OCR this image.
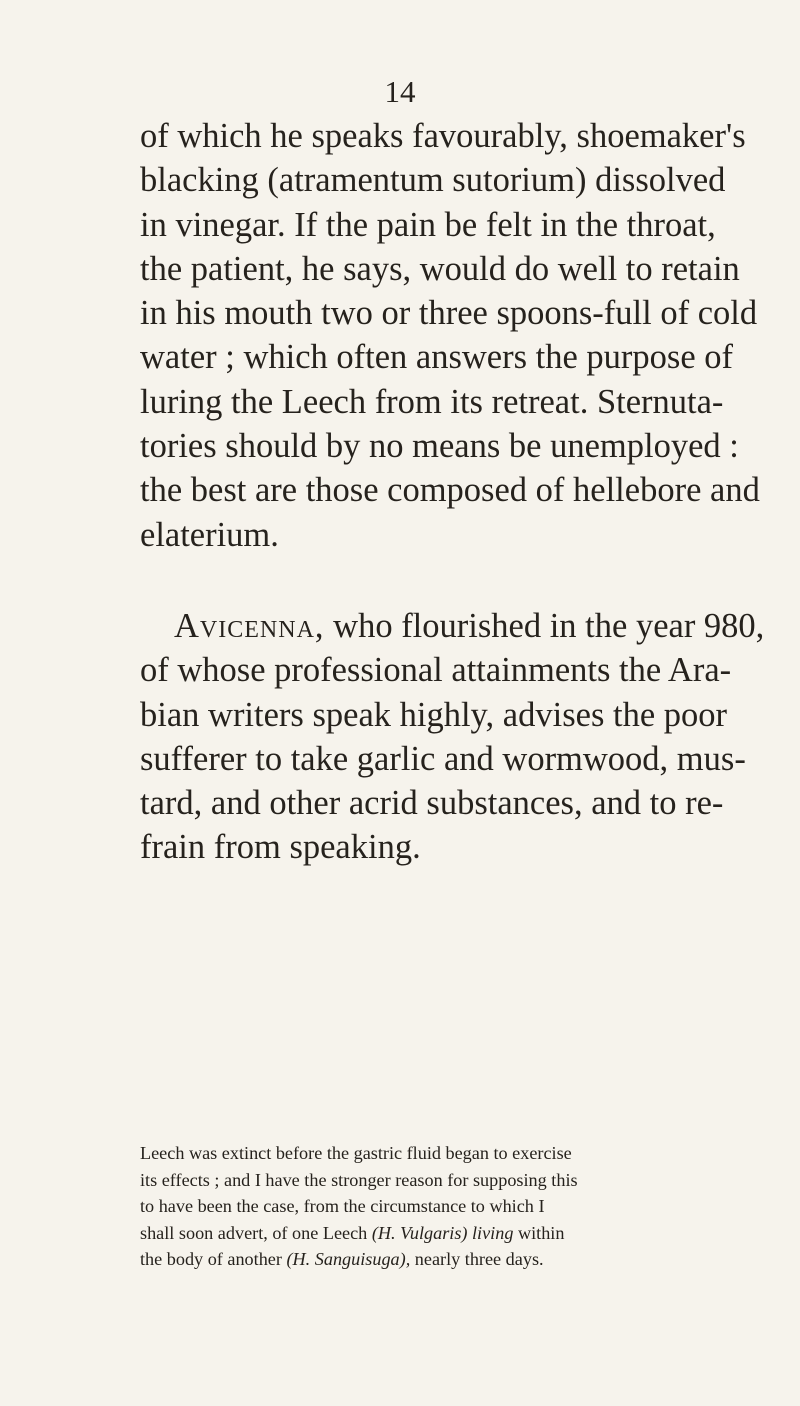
14
of which he speaks favourably, shoemaker's
blacking (atramentum sutorium) dissolved
in vinegar. If the pain be felt in the throat,
the patient, he says, would do well to retain
in his mouth two or three spoons-full of cold
water ; which often answers the purpose of
luring the Leech from its retreat. Sternuta-
tories should by no means be unemployed :
the best are those composed of hellebore and
elaterium.
Avicenna, who flourished in the year 980,
of whose professional attainments the Ara-
bian writers speak highly, advises the poor
sufferer to take garlic and wormwood, mus-
tard, and other acrid substances, and to re-
frain from speaking.
Leech was extinct before the gastric fluid began to exercise
its effects ; and I have the stronger reason for supposing this
to have been the case, from the circumstance to which I
shall soon advert, of one Leech (H. Vulgaris) living within
the body of another (H. Sanguisuga), nearly three days.
